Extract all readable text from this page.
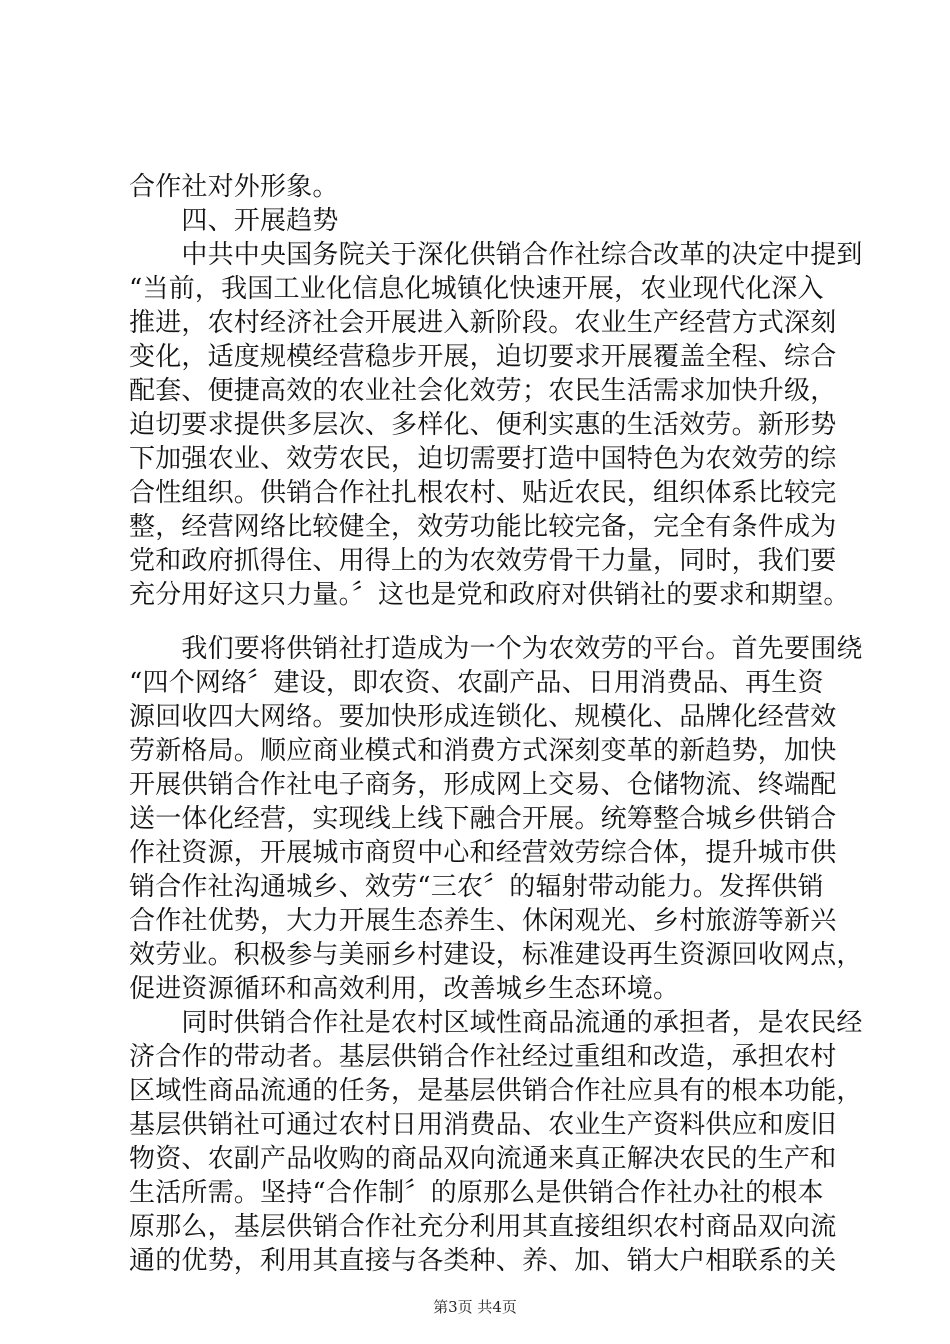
合作社对外形象。
　　四、开展趋势
　　中共中央国务院关于深化供销合作社综合改革的决定中提到
“当前，我国工业化信息化城镇化快速开展，农业现代化深入
推进，农村经济社会开展进入新阶段。农业生产经营方式深刻
变化，适度规模经营稳步开展，迫切要求开展覆盖全程、综合
配套、便捷高效的农业社会化效劳；农民生活需求加快升级，
迫切要求提供多层次、多样化、便利实惠的生活效劳。新形势
下加强农业、效劳农民，迫切需要打造中国特色为农效劳的综
合性组织。供销合作社扎根农村、贴近农民，组织体系比较完
整，经营网络比较健全，效劳功能比较完备，完全有条件成为
党和政府抓得住、用得上的为农效劳骨干力量，同时，我们要
充分用好这只力量。〞这也是党和政府对供销社的要求和期望。
　　我们要将供销社打造成为一个为农效劳的平台。首先要围绕
“四个网络〞建设，即农资、农副产品、日用消费品、再生资
源回收四大网络。要加快形成连锁化、规模化、品牌化经营效
劳新格局。顺应商业模式和消费方式深刻变革的新趋势，加快
开展供销合作社电子商务，形成网上交易、仓储物流、终端配
送一体化经营，实现线上线下融合开展。统筹整合城乡供销合
作社资源，开展城市商贸中心和经营效劳综合体，提升城市供
销合作社沟通城乡、效劳“三农〞的辐射带动能力。发挥供销
合作社优势，大力开展生态养生、休闲观光、乡村旅游等新兴
效劳业。积极参与美丽乡村建设，标准建设再生资源回收网点，
促进资源循环和高效利用，改善城乡生态环境。
　　同时供销合作社是农村区域性商品流通的承担者，是农民经
济合作的带动者。基层供销合作社经过重组和改造，承担农村
区域性商品流通的任务，是基层供销合作社应具有的根本功能，
基层供销社可通过农村日用消费品、农业生产资料供应和废旧
物资、农副产品收购的商品双向流通来真正解决农民的生产和
生活所需。坚持“合作制〞的原那么是供销合作社办社的根本
原那么，基层供销合作社充分利用其直接组织农村商品双向流
通的优势，利用其直接与各类种、养、加、销大户相联系的关
第3页 共4页
